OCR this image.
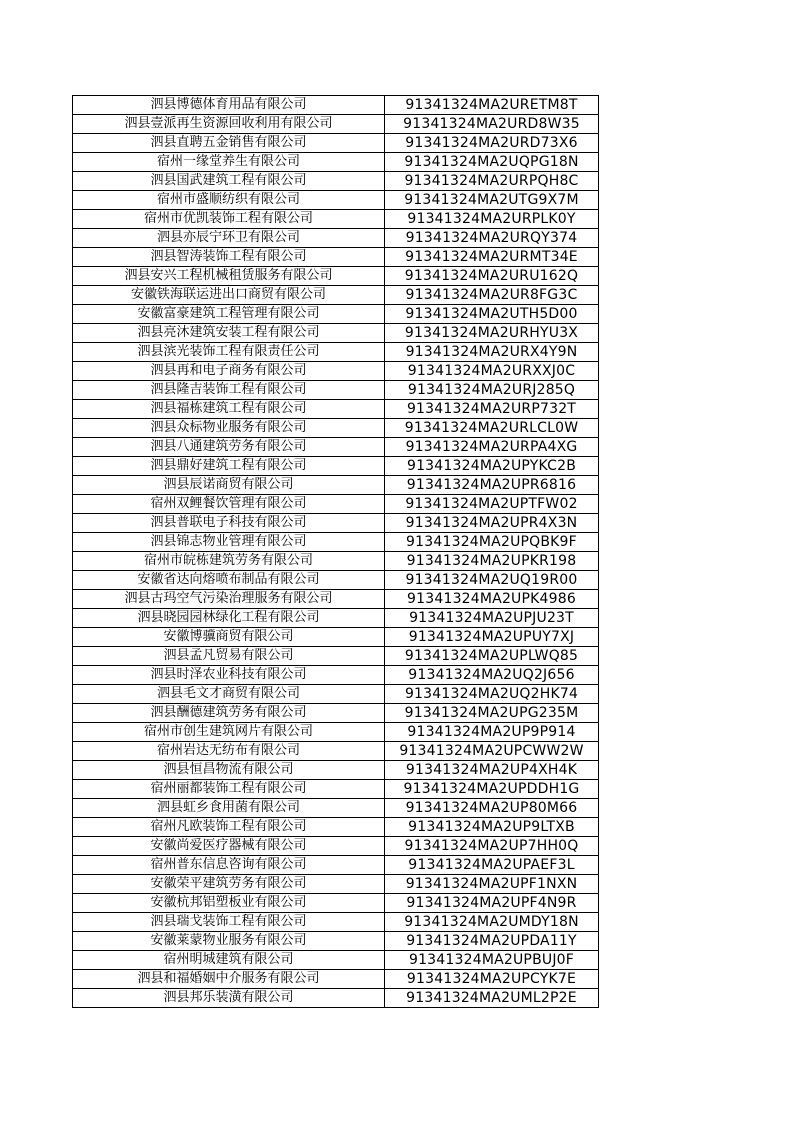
泗县博德体育用品有限公司	91341324MA2URETM8T
泗县壹派再生资源回收利用有限公司	91341324MA2URD8W35
泗县直聘五金销售有限公司	91341324MA2URD73X6
宿州一缘堂养生有限公司	91341324MA2UQPG18N
泗县国武建筑工程有限公司	91341324MA2URPQH8C
宿州市盛顺纺织有限公司	91341324MA2UTG9X7M
宿州市优凯装饰工程有限公司	91341324MA2URPLK0Y
泗县亦辰宁环卫有限公司	91341324MA2URQY374
泗县智涛装饰工程有限公司	91341324MA2URMT34E
泗县安兴工程机械租赁服务有限公司	91341324MA2URU162Q
安徽铁海联运进出口商贸有限公司	91341324MA2UR8FG3C
安徽富豪建筑工程管理有限公司	91341324MA2UTH5D00
泗县亮沐建筑安装工程有限公司	91341324MA2URHYU3X
泗县滨光装饰工程有限责任公司	91341324MA2URX4Y9N
泗县再和电子商务有限公司	91341324MA2URXXJ0C
泗县隆吉装饰工程有限公司	91341324MA2URJ285Q
泗县福栋建筑工程有限公司	91341324MA2URP732T
泗县众标物业服务有限公司	91341324MA2URLCL0W
泗县八通建筑劳务有限公司	91341324MA2URPA4XG
泗县鼎好建筑工程有限公司	91341324MA2UPYKC2B
泗县辰诺商贸有限公司	91341324MA2UPR6816
宿州双鲤餐饮管理有限公司	91341324MA2UPTFW02
泗县普联电子科技有限公司	91341324MA2UPR4X3N
泗县锦志物业管理有限公司	91341324MA2UPQBK9F
宿州市皖栋建筑劳务有限公司	91341324MA2UPKR198
安徽省达向熔喷布制品有限公司	91341324MA2UQ19R00
泗县古玛空气污染治理服务有限公司	91341324MA2UPK4986
泗县晓园园林绿化工程有限公司	91341324MA2UPJU23T
安徽博骥商贸有限公司	91341324MA2UPUY7XJ
泗县孟凡贸易有限公司	91341324MA2UPLWQ85
泗县时泽农业科技有限公司	91341324MA2UQ2J656
泗县毛文才商贸有限公司	91341324MA2UQ2HK74
泗县酬德建筑劳务有限公司	91341324MA2UPG235M
宿州市创生建筑网片有限公司	91341324MA2UP9P914
宿州岩达无纺布有限公司	91341324MA2UPCWW2W
泗县恒昌物流有限公司	91341324MA2UP4XH4K
宿州丽都装饰工程有限公司	91341324MA2UPDDH1G
泗县虹乡食用菌有限公司	91341324MA2UP80M66
宿州凡欧装饰工程有限公司	91341324MA2UP9LTXB
安徽尚爱医疗器械有限公司	91341324MA2UP7HH0Q
宿州普东信息咨询有限公司	91341324MA2UPAEF3L
安徽荣平建筑劳务有限公司	91341324MA2UPF1NXN
安徽杭邦铝塑板业有限公司	91341324MA2UPF4N9R
泗县瑞戈装饰工程有限公司	91341324MA2UMDY18N
安徽莱蒙物业服务有限公司	91341324MA2UPDA11Y
宿州明城建筑有限公司	91341324MA2UPBUJ0F
泗县和福婚姻中介服务有限公司	91341324MA2UPCYK7E
泗县邦乐装潢有限公司	91341324MA2UML2P2E
